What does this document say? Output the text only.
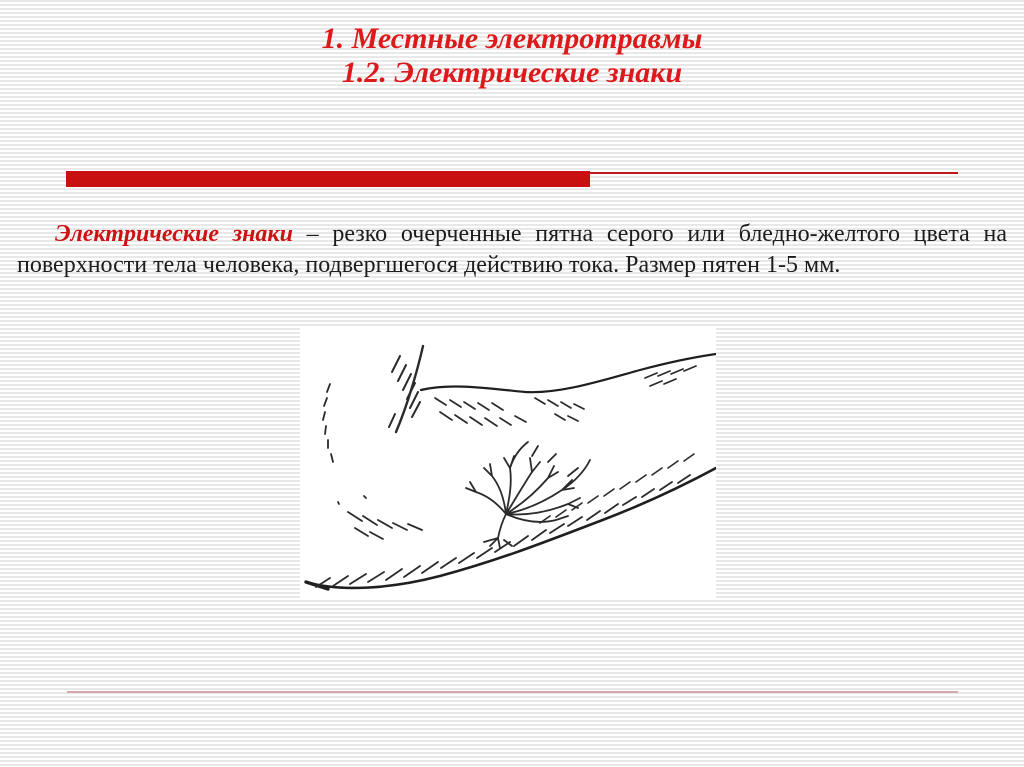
1. Местные электротравмы
1.2. Электрические знаки
Электрические знаки – резко очерченные пятна серого или бледно-желтого цвета на поверхности тела человека, подвергшегося действию тока. Размер пятен 1-5 мм.
